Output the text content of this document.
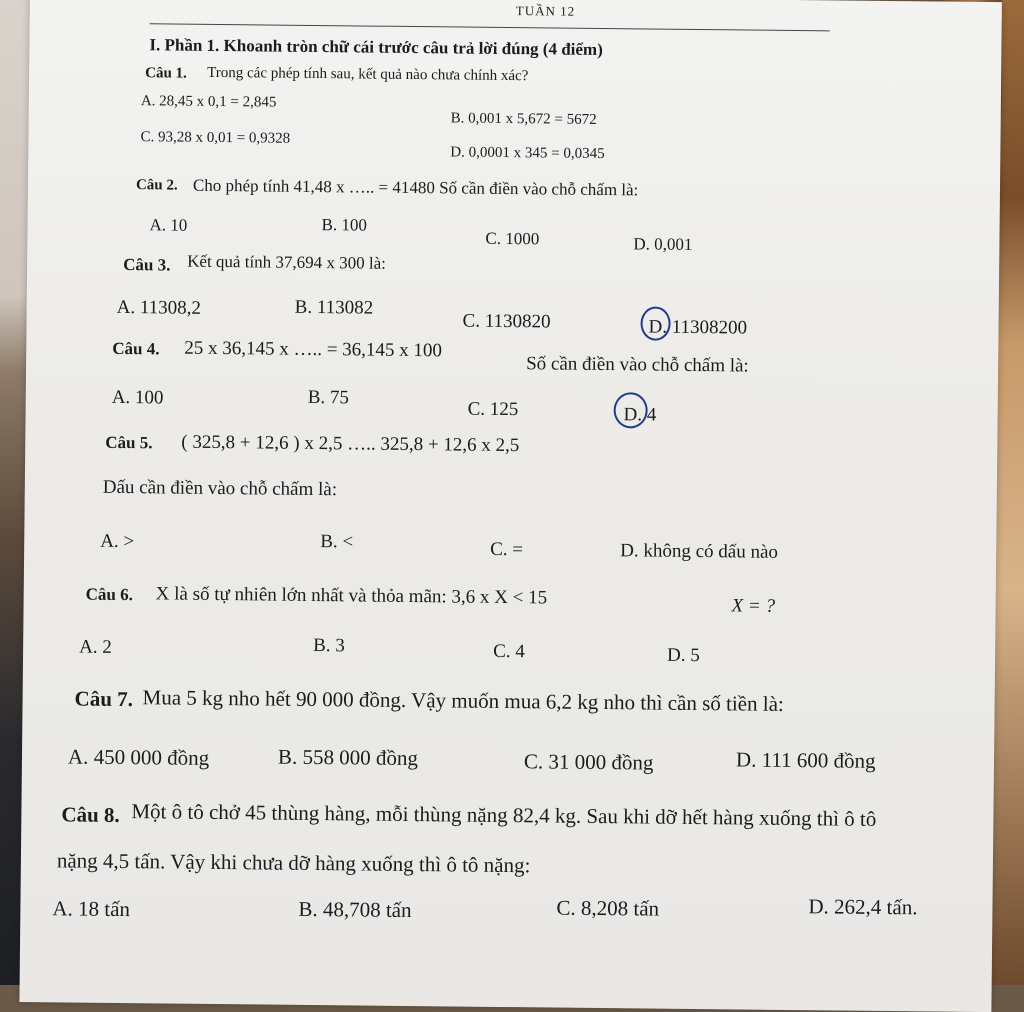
TUẦN 12
I. Phần 1. Khoanh tròn chữ cái trước câu trả lời đúng (4 điểm)
Câu 1. Trong các phép tính sau, kết quả nào chưa chính xác?
A. 28,45 x 0,1 = 2,845
B. 0,001 x 5,672 = 5672
C. 93,28 x 0,01 = 0,9328
D. 0,0001 x 345 = 0,0345
Câu 2. Cho phép tính 41,48 x ….. = 41480 Số cần điền vào chỗ chấm là:
A. 10	B. 100
C. 1000	D. 0,001
Câu 3. Kết quả tính 37,694 x 300 là:
A. 11308,2	B. 113082
C. 1130820	D. 11308200
Câu 4. 25 x 36,145 x ….. = 36,145 x 100
Số cần điền vào chỗ chấm là:
A. 100	B. 75
C. 125	D. 4
Câu 5. ( 325,8 + 12,6 ) x 2,5 ….. 325,8 + 12,6 x 2,5
Dấu cần điền vào chỗ chấm là:
A. >	B. <	C. =	D. không có dấu nào
Câu 6. X là số tự nhiên lớn nhất và thỏa mãn: 3,6 x X < 15	X = ?
A. 2	B. 3	C. 4	D. 5
Câu 7. Mua 5 kg nho hết 90 000 đồng. Vậy muốn mua 6,2 kg nho thì cần số tiền là:
A. 450 000 đồng	B. 558 000 đồng	C. 31 000 đồng	D. 111 600 đồng
Câu 8. Một ô tô chở 45 thùng hàng, mỗi thùng nặng 82,4 kg. Sau khi dỡ hết hàng xuống thì ô tô
nặng 4,5 tấn. Vậy khi chưa dỡ hàng xuống thì ô tô nặng:
A. 18 tấn	B. 48,708 tấn	C. 8,208 tấn	D. 262,4 tấn.
